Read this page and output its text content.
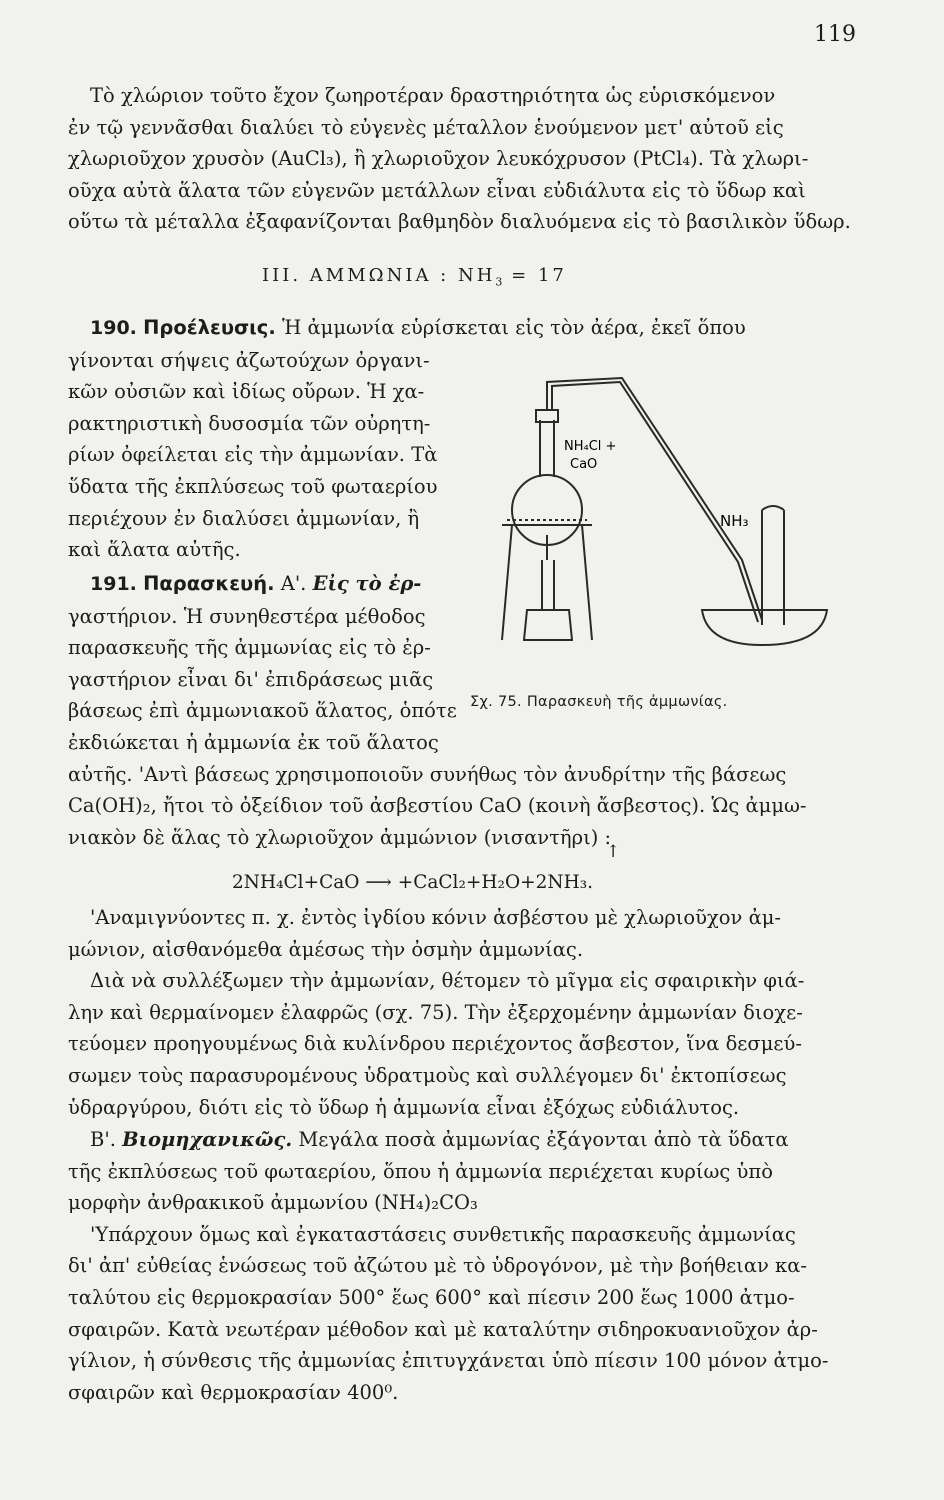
119
Τὸ χλώριον τοῦτο ἔχον ζωηροτέραν δραστηριότητα ὡς εὑρισκόμενον
ἐν τῷ γεννᾶσθαι διαλύει τὸ εὐγενὲς μέταλλον ἑνούμενον μετ' αὐτοῦ εἰς
χλωριοῦχον χρυσὸν (AuCl₃), ἢ χλωριοῦχον λευκόχρυσον (PtCl₄). Τὰ χλωρι-
οῦχα αὐτὰ ἅλατα τῶν εὐγενῶν μετάλλων εἶναι εὐδιάλυτα εἰς τὸ ὕδωρ καὶ
οὕτω τὰ μέταλλα ἐξαφανίζονται βαθμηδὸν διαλυόμενα εἰς τὸ βασιλικὸν ὕδωρ.
III. ΑΜΜΩΝΙΑ : $NH_3 = 17$
190. Προέλευσις. Ἡ ἀμμωνία εὑρίσκεται εἰς τὸν ἀέρα, ἐκεῖ ὅπου
γίνονται σήψεις ἀζωτούχων ὀργανι-
κῶν οὐσιῶν καὶ ἰδίως οὔρων. Ἡ χα-
ρακτηριστικὴ δυσοσμία τῶν οὐρητη-
ρίων ὀφείλεται εἰς τὴν ἀμμωνίαν. Τὰ
ὕδατα τῆς ἐκπλύσεως τοῦ φωταερίου
περιέχουν ἐν διαλύσει ἀμμωνίαν, ἢ
καὶ ἅλατα αὐτῆς.
191. Παρασκευή. Α'. Εἰς τὸ ἐρ-
γαστήριον. Ἡ συνηθεστέρα μέθοδος
παρασκευῆς τῆς ἀμμωνίας εἰς τὸ ἐρ-
γαστήριον εἶναι δι' ἐπιδράσεως μιᾶς
βάσεως ἐπὶ ἀμμωνιακοῦ ἅλατος, ὁπότε
ἐκδιώκεται ἡ ἀμμωνία ἐκ τοῦ ἅλατος
αὐτῆς. 'Αντὶ βάσεως χρησιμοποιοῦν συνήθως τὸν ἀνυδρίτην τῆς βάσεως
Ca(OH)₂, ἤτοι τὸ ὀξείδιον τοῦ ἀσβεστίου CaO (κοινὴ ἄσβεστος). Ὡς ἀμμω-
νιακὸν δὲ ἅλας τὸ χλωριοῦχον ἀμμώνιον (νισαντῆρι) :
NH₄Cl +
CaO
NH₃
Σχ. 75. Παρασκευὴ τῆς ἀμμωνίας.
↑
2NH₄Cl+CaO ⟶ +CaCl₂+H₂O+2NH₃.
'Αναμιγνύοντες π. χ. ἐντὸς ἰγδίου κόνιν ἀσβέστου μὲ χλωριοῦχον ἀμ-
μώνιον, αἰσθανόμεθα ἀμέσως τὴν ὀσμὴν ἀμμωνίας.
Διὰ νὰ συλλέξωμεν τὴν ἀμμωνίαν, θέτομεν τὸ μῖγμα εἰς σφαιρικὴν φιά-
λην καὶ θερμαίνομεν ἐλαφρῶς (σχ. 75). Τὴν ἐξερχομένην ἀμμωνίαν διοχε-
τεύομεν προηγουμένως διὰ κυλίνδρου περιέχοντος ἄσβεστον, ἵνα δεσμεύ-
σωμεν τοὺς παρασυρομένους ὑδρατμοὺς καὶ συλλέγομεν δι' ἐκτοπίσεως
ὑδραργύρου, διότι εἰς τὸ ὕδωρ ἡ ἀμμωνία εἶναι ἐξόχως εὐδιάλυτος.
Β'. Βιομηχανικῶς. Μεγάλα ποσὰ ἀμμωνίας ἐξάγονται ἀπὸ τὰ ὕδατα
τῆς ἐκπλύσεως τοῦ φωταερίου, ὅπου ἡ ἀμμωνία περιέχεται κυρίως ὑπὸ
μορφὴν ἀνθρακικοῦ ἀμμωνίου (NH₄)₂CO₃
'Υπάρχουν ὅμως καὶ ἐγκαταστάσεις συνθετικῆς παρασκευῆς ἀμμωνίας
δι' ἀπ' εὐθείας ἑνώσεως τοῦ ἀζώτου μὲ τὸ ὑδρογόνον, μὲ τὴν βοήθειαν κα-
ταλύτου εἰς θερμοκρασίαν 500° ἕως 600° καὶ πίεσιν 200 ἕως 1000 ἀτμο-
σφαιρῶν. Κατὰ νεωτέραν μέθοδον καὶ μὲ καταλύτην σιδηροκυανιοῦχον ἀρ-
γίλιον, ἡ σύνθεσις τῆς ἀμμωνίας ἐπιτυγχάνεται ὑπὸ πίεσιν 100 μόνον ἀτμο-
σφαιρῶν καὶ θερμοκρασίαν 400⁰.
